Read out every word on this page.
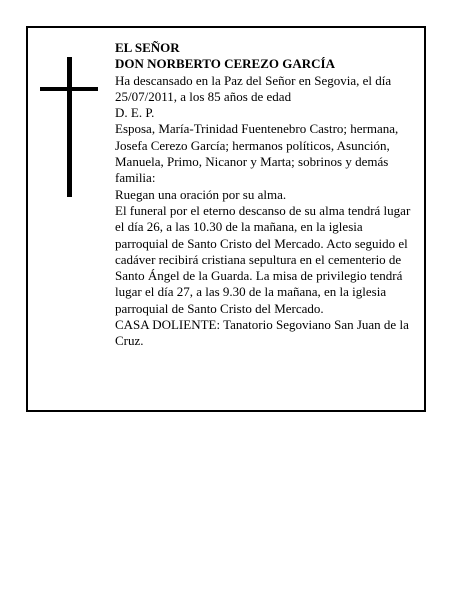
EL SEÑOR

DON NORBERTO CEREZO GARCÍA

Ha descansado en la Paz del Señor en Segovia, el día 25/07/2011, a los 85 años de edad

D. E. P.

Esposa, María-Trinidad Fuentenebro Castro; hermana, Josefa Cerezo García; hermanos políticos, Asunción, Manuela, Primo, Nicanor y Marta; sobrinos y demás familia:

Ruegan una oración por su alma.

El funeral por el eterno descanso de su alma tendrá lugar el día 26, a las 10.30 de la mañana, en la iglesia parroquial de Santo Cristo del Mercado. Acto seguido el cadáver recibirá cristiana sepultura en el cementerio de Santo Ángel de la Guarda. La misa de privilegio tendrá lugar el día 27, a las 9.30 de la mañana, en la iglesia parroquial de Santo Cristo del Mercado.

CASA DOLIENTE: Tanatorio Segoviano San Juan de la Cruz.
